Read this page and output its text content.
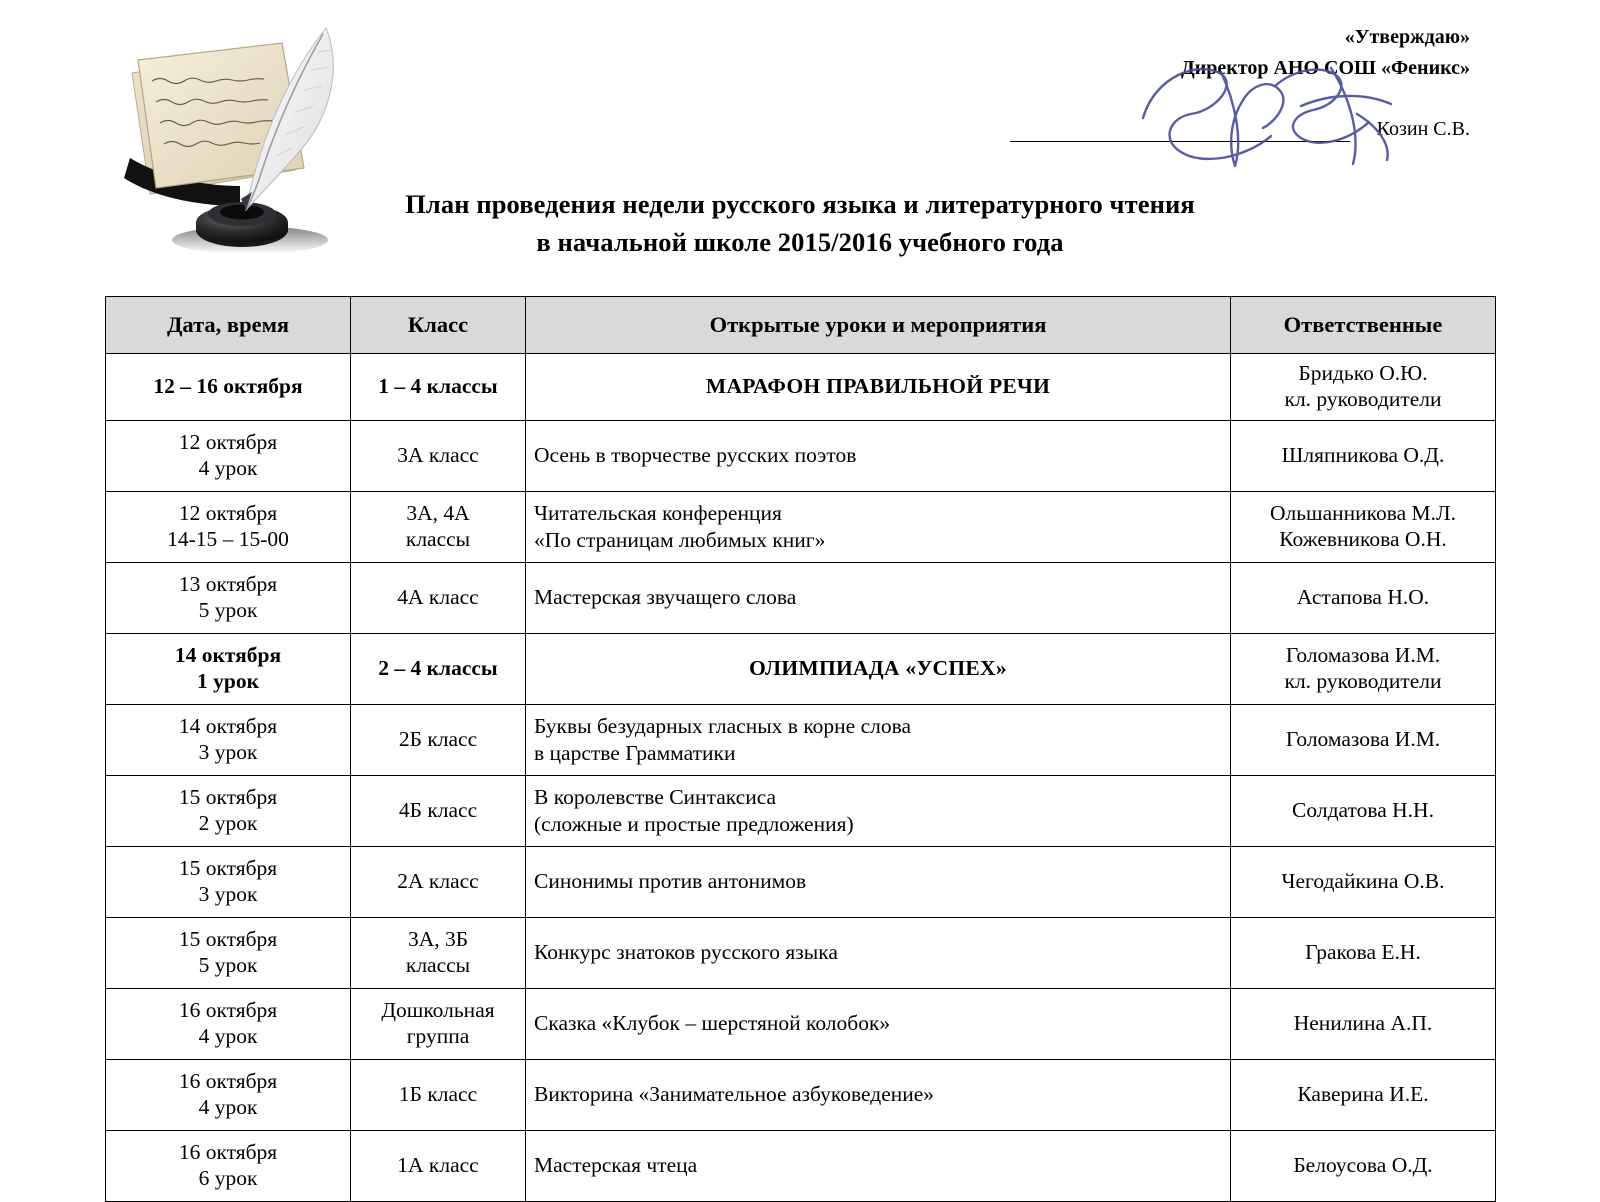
«Утверждаю»
Директор АНО СОШ «Феникс»
Козин С.В.
План проведения недели русского языка и литературного чтения
в начальной школе 2015/2016 учебного года
Дата, время	Класс	Открытые уроки и мероприятия	Ответственные

12 – 16 октября	1 – 4 классы	МАРАФОН ПРАВИЛЬНОЙ РЕЧИ	Бридько О.Ю.
кл. руководители

12 октября
4 урок	3А класс	Осень в творчестве русских поэтов	Шляпникова О.Д.

12 октября
14-15 – 15-00	3А, 4А
классы	Читательская конференция
«По страницам любимых книг»	Ольшанникова М.Л.
Кожевникова О.Н.

13 октября
5 урок	4А класс	Мастерская звучащего слова	Астапова Н.О.

14 октября
1 урок	2 – 4 классы	ОЛИМПИАДА «УСПЕХ»	Голомазова И.М.
кл. руководители

14 октября
3 урок	2Б класс	Буквы безударных гласных в корне слова
в царстве Грамматики	Голомазова И.М.

15 октября
2 урок	4Б класс	В королевстве Синтаксиса
(сложные и простые предложения)	Солдатова Н.Н.

15 октября
3 урок	2А класс	Синонимы против антонимов	Чегодайкина О.В.

15 октября
5 урок	3А, 3Б
классы	Конкурс знатоков русского языка	Гракова Е.Н.

16 октября
4 урок	Дошкольная
группа	Сказка «Клубок – шерстяной колобок»	Ненилина А.П.

16 октября
4 урок	1Б класс	Викторина «Занимательное азбуковедение»	Каверина И.Е.

16 октября
6 урок	1А класс	Мастерская чтеца	Белоусова О.Д.
